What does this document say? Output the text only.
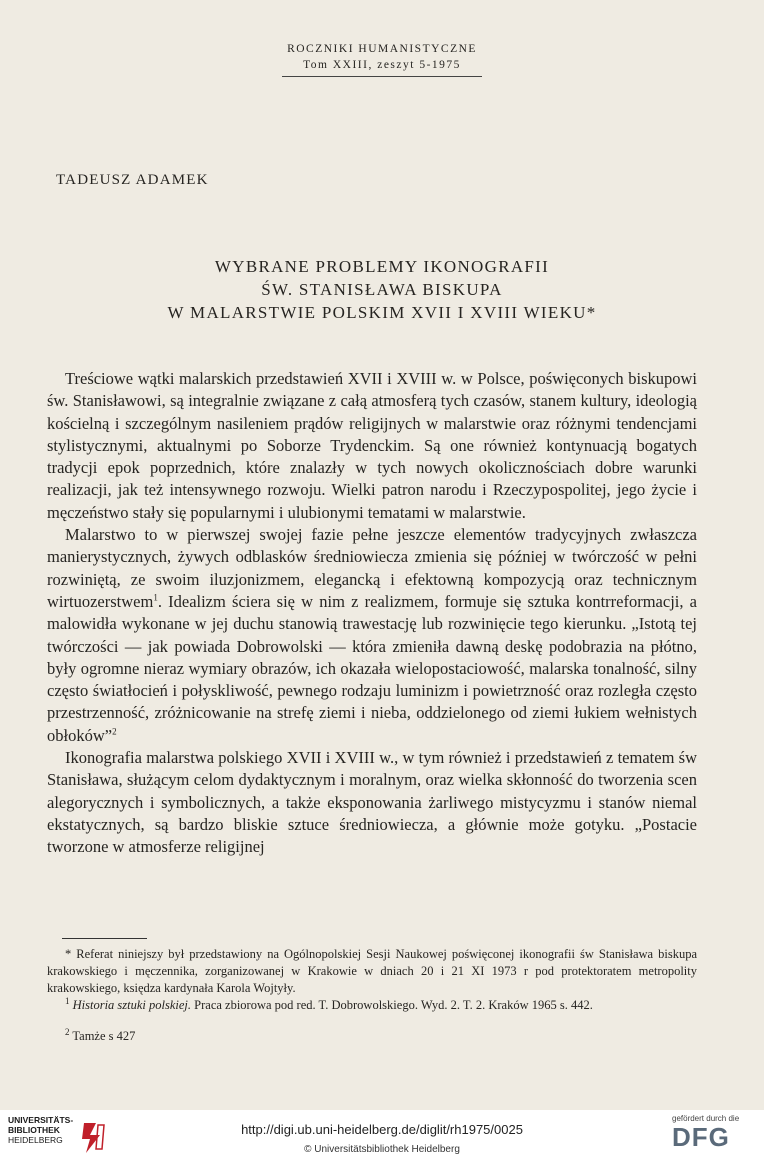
ROCZNIKI HUMANISTYCZNE
Tom XXIII, zeszyt 5-1975
TADEUSZ ADAMEK
WYBRANE PROBLEMY IKONOGRAFII
ŚW. STANISŁAWA BISKUPA
W MALARSTWIE POLSKIM XVII I XVIII WIEKU*

Treściowe wątki malarskich przedstawień XVII i XVIII w. w Polsce, poświęconych biskupowi św. Stanisławowi, są integralnie związane z całą atmosferą tych czasów, stanem kultury, ideologią kościelną i szczególnym nasileniem prądów religijnych w malarstwie oraz różnymi tendencjami stylistycznymi, aktualnymi po Soborze Trydenckim. Są one również kontynuacją bogatych tradycji epok poprzednich, które znalazły w tych nowych okolicznościach dobre warunki realizacji, jak też intensywnego rozwoju. Wielki patron narodu i Rzeczypospolitej, jego życie i męczeństwo stały się popularnymi i ulubionymi tematami w malarstwie.

Malarstwo to w pierwszej swojej fazie pełne jeszcze elementów tradycyjnych zwłaszcza manierystycznych, żywych odblasków średniowiecza zmienia się później w twórczość w pełni rozwiniętą, ze swoim iluzjonizmem, elegancką i efektowną kompozycją oraz technicznym wirtuozerstwem$^1$. Idealizm ściera się w nim z realizmem, formuje się sztuka kontrreformacji, a malowidła wykonane w jej duchu stanowią trawestację lub rozwinięcie tego kierunku. „Istotą tej twórczości — jak powiada Dobrowolski — która zmieniła dawną deskę podobrazia na płótno, były ogromne nieraz wymiary obrazów, ich okazała wielopostaciowość, malarska tonalność, silny często światłocień i połyskliwość, pewnego rodzaju luminizm i powietrzność oraz rozległa często przestrzenność, zróżnicowanie na strefę ziemi i nieba, oddzielonego od ziemi łukiem wełnistych obłoków”$^2$

Ikonografia malarstwa polskiego XVII i XVIII w., w tym również i przedstawień z tematem św Stanisława, służącym celom dydaktycznym i moralnym, oraz wielka skłonność do tworzenia scen alegorycznych i symbolicznych, a także eksponowania żarliwego mistycyzmu i stanów niemal ekstatycznych, są bardzo bliskie sztuce średniowiecza, a głównie może gotyku. „Postacie tworzone w atmosferze religijnej

* Referat niniejszy był przedstawiony na Ogólnopolskiej Sesji Naukowej poświęconej ikonografii św Stanisława biskupa krakowskiego i męczennika, zorganizowanej w Krakowie w dniach 20 i 21 XI 1973 r pod protektoratem metropolity krakowskiego, księdza kardynała Karola Wojtyły.

$^1$ Historia sztuki polskiej. Praca zbiorowa pod red. T. Dobrowolskiego. Wyd. 2. T. 2. Kraków 1965 s. 442.

$^2$ Tamże s 427

UNIVERSITÄTS-
BIBLIOTHEK
HEIDELBERG
http://digi.ub.uni-heidelberg.de/diglit/rh1975/0025
© Universitätsbibliothek Heidelberg
gefördert durch die
DFG
